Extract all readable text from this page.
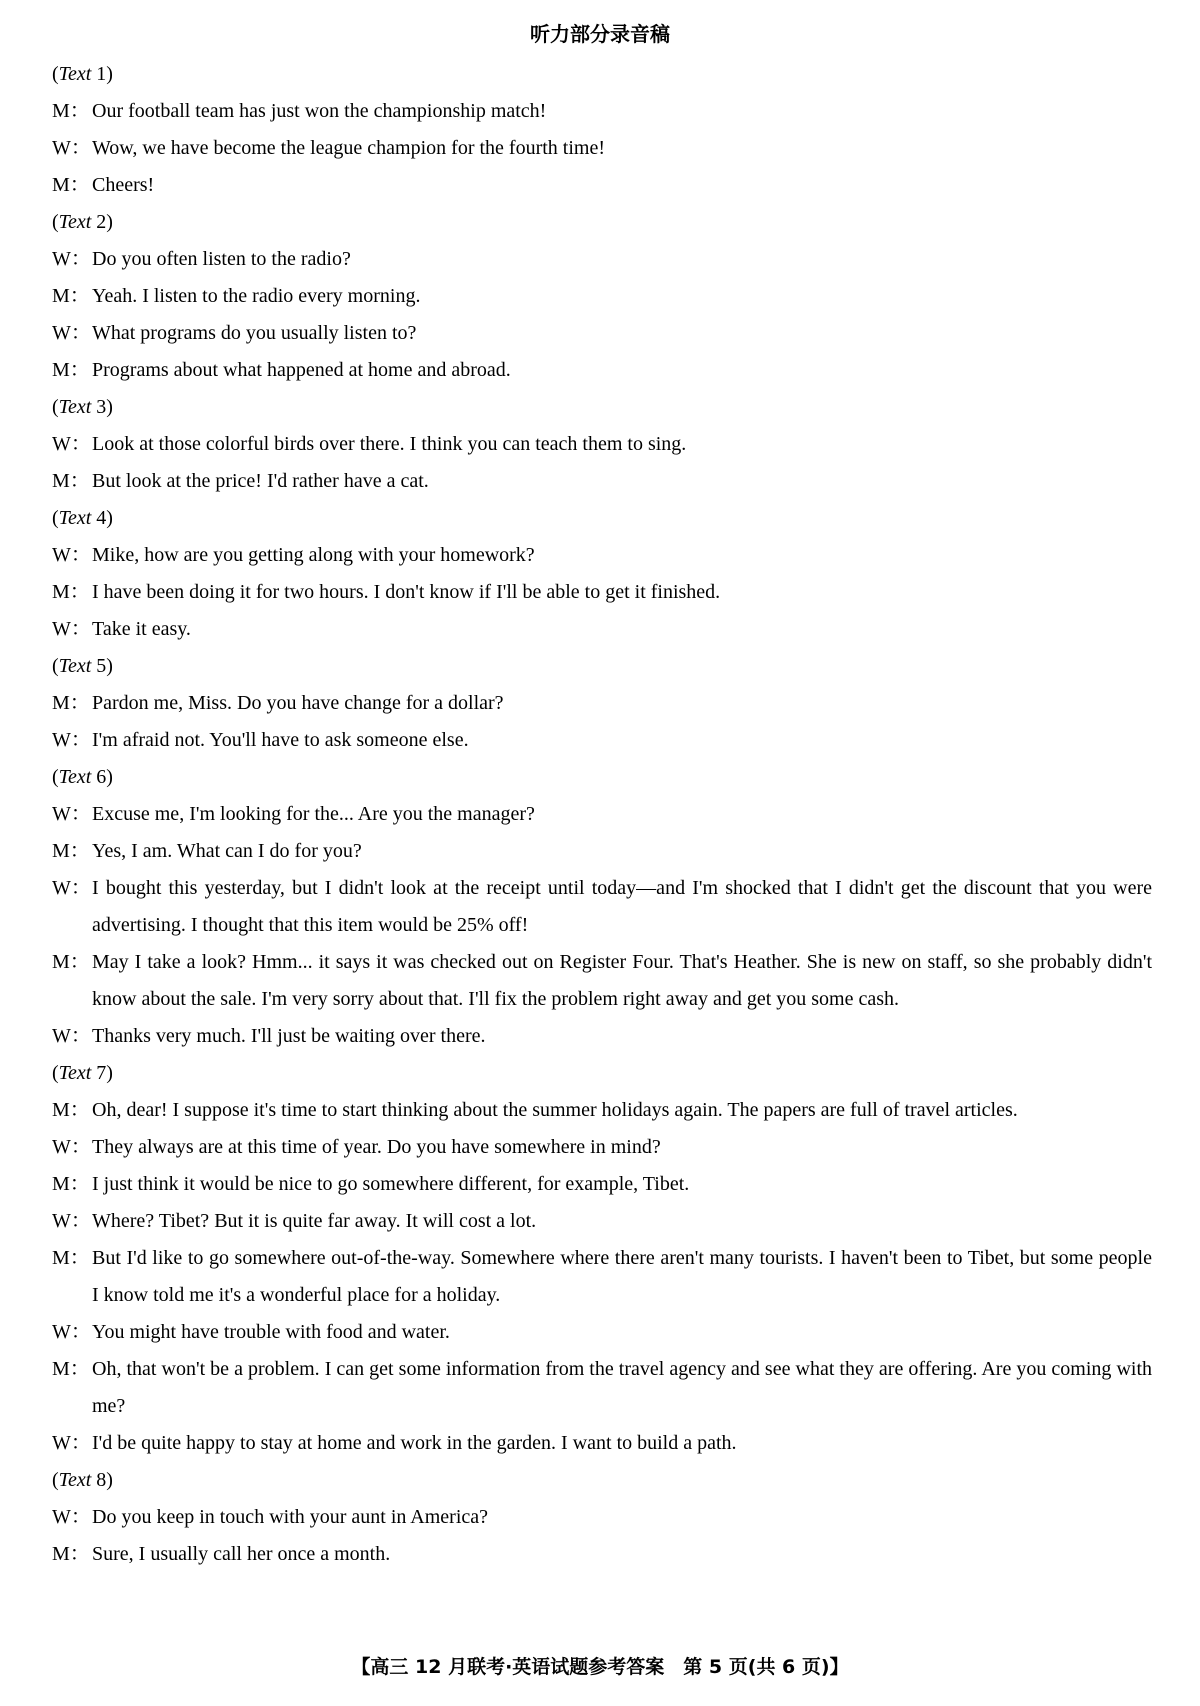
听力部分录音稿
(Text 1)
M： Our football team has just won the championship match!
W： Wow, we have become the league champion for the fourth time!
M： Cheers!
(Text 2)
W： Do you often listen to the radio?
M： Yeah. I listen to the radio every morning.
W： What programs do you usually listen to?
M： Programs about what happened at home and abroad.
(Text 3)
W： Look at those colorful birds over there. I think you can teach them to sing.
M： But look at the price! I'd rather have a cat.
(Text 4)
W： Mike, how are you getting along with your homework?
M： I have been doing it for two hours. I don't know if I'll be able to get it finished.
W： Take it easy.
(Text 5)
M： Pardon me, Miss. Do you have change for a dollar?
W： I'm afraid not. You'll have to ask someone else.
(Text 6)
W： Excuse me, I'm looking for the... Are you the manager?
M： Yes, I am. What can I do for you?
W： I bought this yesterday, but I didn't look at the receipt until today—and I'm shocked that I didn't get the discount that you were advertising. I thought that this item would be 25% off!
M： May I take a look? Hmm... it says it was checked out on Register Four. That's Heather. She is new on staff, so she probably didn't know about the sale. I'm very sorry about that. I'll fix the problem right away and get you some cash.
W： Thanks very much. I'll just be waiting over there.
(Text 7)
M： Oh, dear! I suppose it's time to start thinking about the summer holidays again. The papers are full of travel articles.
W： They always are at this time of year. Do you have somewhere in mind?
M： I just think it would be nice to go somewhere different, for example, Tibet.
W： Where? Tibet? But it is quite far away. It will cost a lot.
M： But I'd like to go somewhere out-of-the-way. Somewhere where there aren't many tourists. I haven't been to Tibet, but some people I know told me it's a wonderful place for a holiday.
W： You might have trouble with food and water.
M： Oh, that won't be a problem. I can get some information from the travel agency and see what they are offering. Are you coming with me?
W： I'd be quite happy to stay at home and work in the garden. I want to build a path.
(Text 8)
W： Do you keep in touch with your aunt in America?
M： Sure, I usually call her once a month.
【高三 12 月联考·英语试题参考答案　第 5 页(共 6 页)】
